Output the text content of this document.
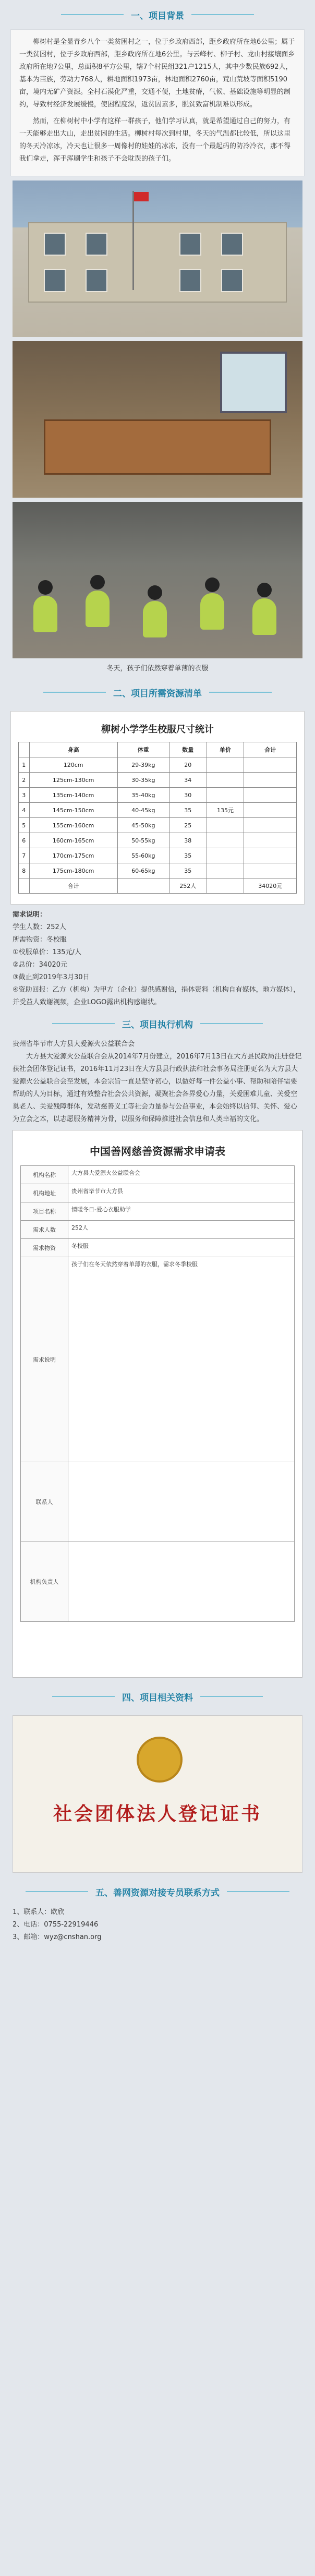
一、项目背景

柳树村是全显青乡八个一类贫困村之一，位于乡政府西部，距乡政府所在地6公里；属于一类贫困村，位于乡政府西部，距乡政府所在地6公里。与云峰村、柳子村、龙山村接壤面乡政府所在地7公里，总面积8平方公里，辖7个村民组321户1215人，其中少数民族692人，基本为苗族，劳动力768人，耕地面积1973亩，林地面积2760亩，荒山荒坡等面积5190亩，境内无矿产资源。全村石漠化严重，交通不便，土地贫瘠，气候、基础设施等明显的制约，导致村经济发展缓慢，使困程度深，返贫因素多，脱贫致富机制难以形成。

然而，在柳树村中小学有这样一群孩子，他们学习认真，就是希望通过自己的努力，有一天能够走出大山，走出贫困的生活。柳树村每次到村里，冬天的气温都比较低，所以这里的冬天冷凉冰，冷天也让很多一周像村的娃娃的冰冻，没有一个最起码的防冷冷衣，那不得我们拿走，浑手浑刷学生和孩子不会耽误的孩子们。

冬天，孩子们依然穿着单薄的衣服
二、项目所需资源清单
柳树小学学生校服尺寸统计
	身高	体重	数量	单价	合计
1	120cm	29-39kg	20		
2	125cm-130cm	30-35kg	34		
3	135cm-140cm	35-40kg	30		
4	145cm-150cm	40-45kg	35	135元	
5	155cm-160cm	45-50kg	25		
6	160cm-165cm	50-55kg	38		
7	170cm-175cm	55-60kg	35		
8	175cm-180cm	60-65kg	35		
	合计		252人		34020元
需求说明：
学生人数：252人
所需物资：冬校服
①校服单价：135元/人
②总价：34020元
③截止到2019年3月30日
④资助回报：乙方（机构）为甲方（企业）提供感谢信，捐体资料（机构自有媒体，地方媒体），并受益人致谢视频，企业LOGO露出机构感谢状。
三、项目执行机构
贵州省毕节市大方县大爱源火公益联合会
大方县大爱源火公益联合会从2014年7月份建立，2016年7月13日在大方县民政局注册登记获社会团体登记证书，2016年11月23日在大方县县行政执法和社会事务局注册更名为大方县大爱源火公益联合会至发展，本会宗旨一直是坚守初心，以做好每一件公益小事、帮助和陪伴需要帮助的人为目标，通过有效整合社会公共资源，凝聚社会各界爱心力量，关爱困难儿童、关爱空巢老人、关爱残障群体，发动慈善义工等社会力量参与公益事业，本会始终以信仰、关怀、爱心为立会之本，以志愿服务精神为骨，以服务和保障推进社会信息和人类幸福的文化。
中国善网慈善资源需求申请表
机构名称	大方县大爱源火公益联合会
机构地址	贵州省毕节市大方县
项目名称	情暖冬日-爱心衣服助学
需求人数	252人
需求物资	冬校服
需求说明
孩子们在冬天依然穿着单薄的衣服，需求冬季校服
联系人
机构负责人
四、项目相关资料
社会团体法人登记证书
五、善网资源对接专员联系方式
1、联系人：欧欣
2、电话：0755-22919446
3、邮箱：wyz@cnshan.org
